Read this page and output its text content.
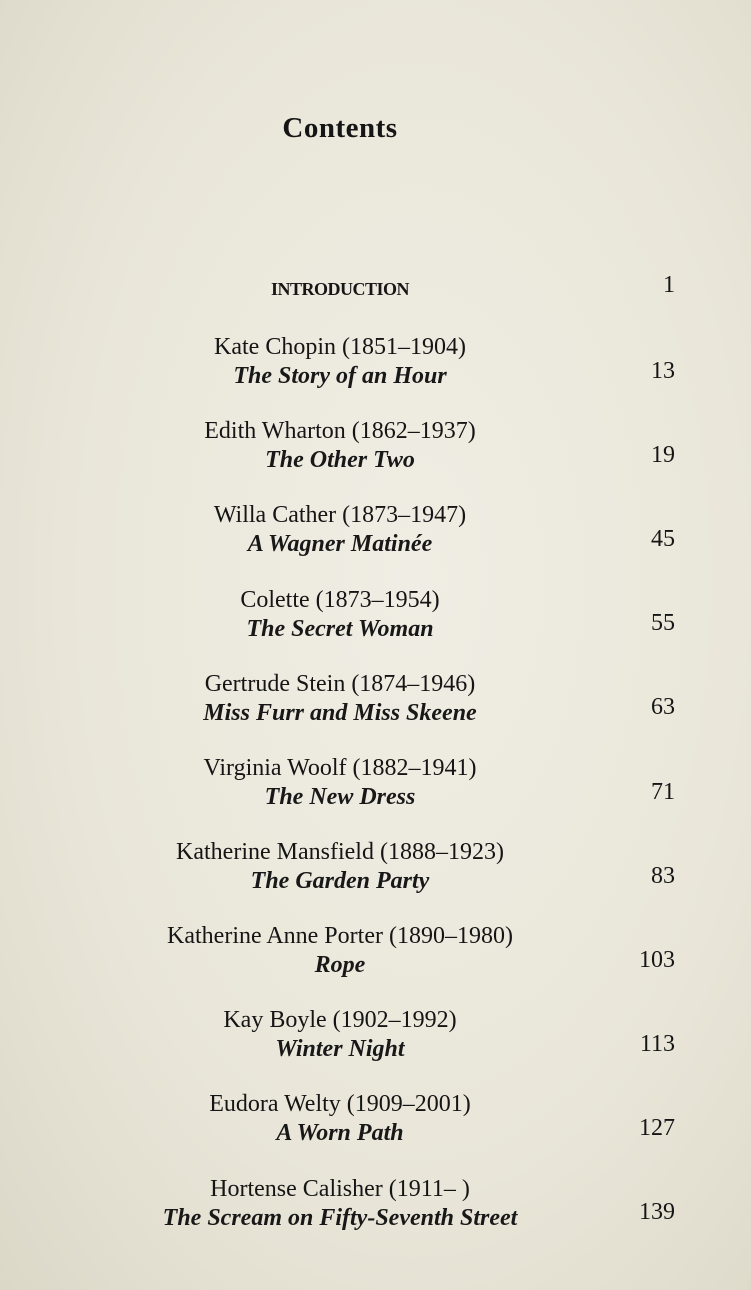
Contents
INTRODUCTION	1
Kate Chopin (1851–1904)
The Story of an Hour	13
Edith Wharton (1862–1937)
The Other Two	19
Willa Cather (1873–1947)
A Wagner Matinée	45
Colette (1873–1954)
The Secret Woman	55
Gertrude Stein (1874–1946)
Miss Furr and Miss Skeene	63
Virginia Woolf (1882–1941)
The New Dress	71
Katherine Mansfield (1888–1923)
The Garden Party	83
Katherine Anne Porter (1890–1980)
Rope	103
Kay Boyle (1902–1992)
Winter Night	113
Eudora Welty (1909–2001)
A Worn Path	127
Hortense Calisher (1911– )
The Scream on Fifty-Seventh Street	139
